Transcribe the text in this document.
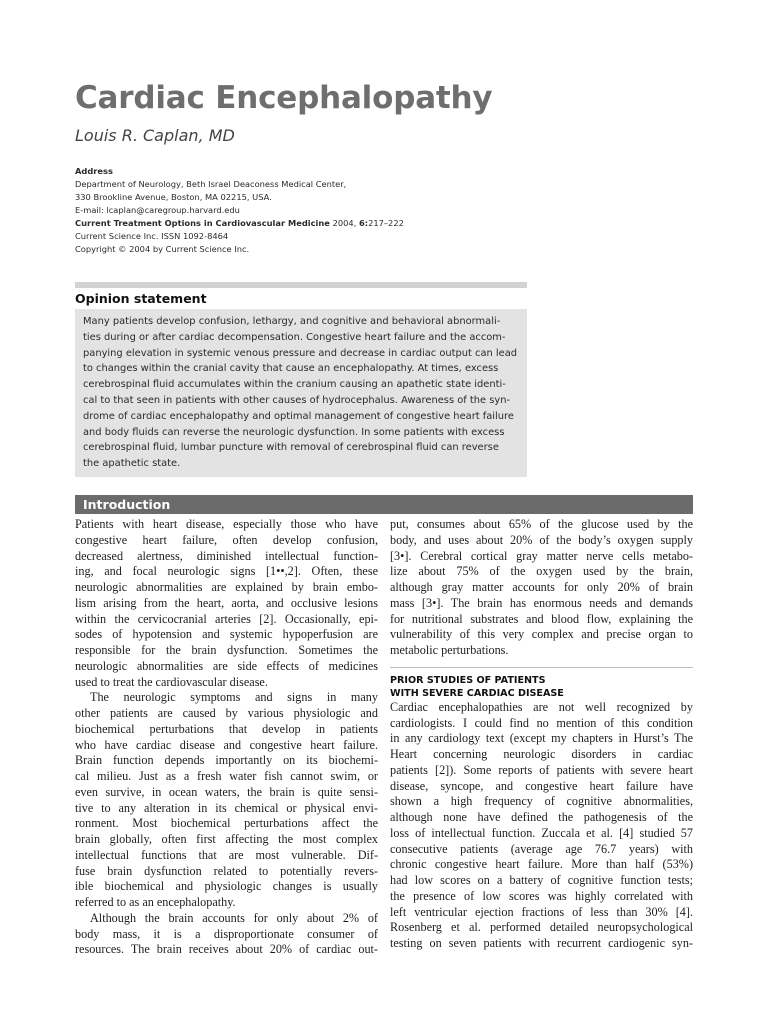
Cardiac Encephalopathy
Louis R. Caplan, MD
Address
Department of Neurology, Beth Israel Deaconess Medical Center,
330 Brookline Avenue, Boston, MA 02215, USA.
E-mail: lcaplan@caregroup.harvard.edu
Current Treatment Options in Cardiovascular Medicine 2004, 6:217–222
Current Science Inc. ISSN 1092-8464
Copyright © 2004 by Current Science Inc.
Opinion statement
Many patients develop confusion, lethargy, and cognitive and behavioral abnormali-
ties during or after cardiac decompensation. Congestive heart failure and the accom-
panying elevation in systemic venous pressure and decrease in cardiac output can lead
to changes within the cranial cavity that cause an encephalopathy. At times, excess
cerebrospinal fluid accumulates within the cranium causing an apathetic state identi-
cal to that seen in patients with other causes of hydrocephalus. Awareness of the syn-
drome of cardiac encephalopathy and optimal management of congestive heart failure
and body fluids can reverse the neurologic dysfunction. In some patients with excess
cerebrospinal fluid, lumbar puncture with removal of cerebrospinal fluid can reverse
the apathetic state.
Introduction
Patients with heart disease, especially those who have
congestive heart failure, often develop confusion,
decreased alertness, diminished intellectual function-
ing, and focal neurologic signs [1••,2]. Often, these
neurologic abnormalities are explained by brain embo-
lism arising from the heart, aorta, and occlusive lesions
within the cervicocranial arteries [2]. Occasionally, epi-
sodes of hypotension and systemic hypoperfusion are
responsible for the brain dysfunction. Sometimes the
neurologic abnormalities are side effects of medicines
used to treat the cardiovascular disease.
The neurologic symptoms and signs in many
other patients are caused by various physiologic and
biochemical perturbations that develop in patients
who have cardiac disease and congestive heart failure.
Brain function depends importantly on its biochemi-
cal milieu. Just as a fresh water fish cannot swim, or
even survive, in ocean waters, the brain is quite sensi-
tive to any alteration in its chemical or physical envi-
ronment. Most biochemical perturbations affect the
brain globally, often first affecting the most complex
intellectual functions that are most vulnerable. Dif-
fuse brain dysfunction related to potentially revers-
ible biochemical and physiologic changes is usually
referred to as an encephalopathy.
Although the brain accounts for only about 2% of
body mass, it is a disproportionate consumer of
resources. The brain receives about 20% of cardiac out-
put, consumes about 65% of the glucose used by the
body, and uses about 20% of the body’s oxygen supply
[3•]. Cerebral cortical gray matter nerve cells metabo-
lize about 75% of the oxygen used by the brain,
although gray matter accounts for only 20% of brain
mass [3•]. The brain has enormous needs and demands
for nutritional substrates and blood flow, explaining the
vulnerability of this very complex and precise organ to
metabolic perturbations.
PRIOR STUDIES OF PATIENTS
WITH SEVERE CARDIAC DISEASE
Cardiac encephalopathies are not well recognized by
cardiologists. I could find no mention of this condition
in any cardiology text (except my chapters in Hurst’s The
Heart concerning neurologic disorders in cardiac
patients [2]). Some reports of patients with severe heart
disease, syncope, and congestive heart failure have
shown a high frequency of cognitive abnormalities,
although none have defined the pathogenesis of the
loss of intellectual function. Zuccala et al. [4] studied 57
consecutive patients (average age 76.7 years) with
chronic congestive heart failure. More than half (53%)
had low scores on a battery of cognitive function tests;
the presence of low scores was highly correlated with
left ventricular ejection fractions of less than 30% [4].
Rosenberg et al. performed detailed neuropsychological
testing on seven patients with recurrent cardiogenic syn-
